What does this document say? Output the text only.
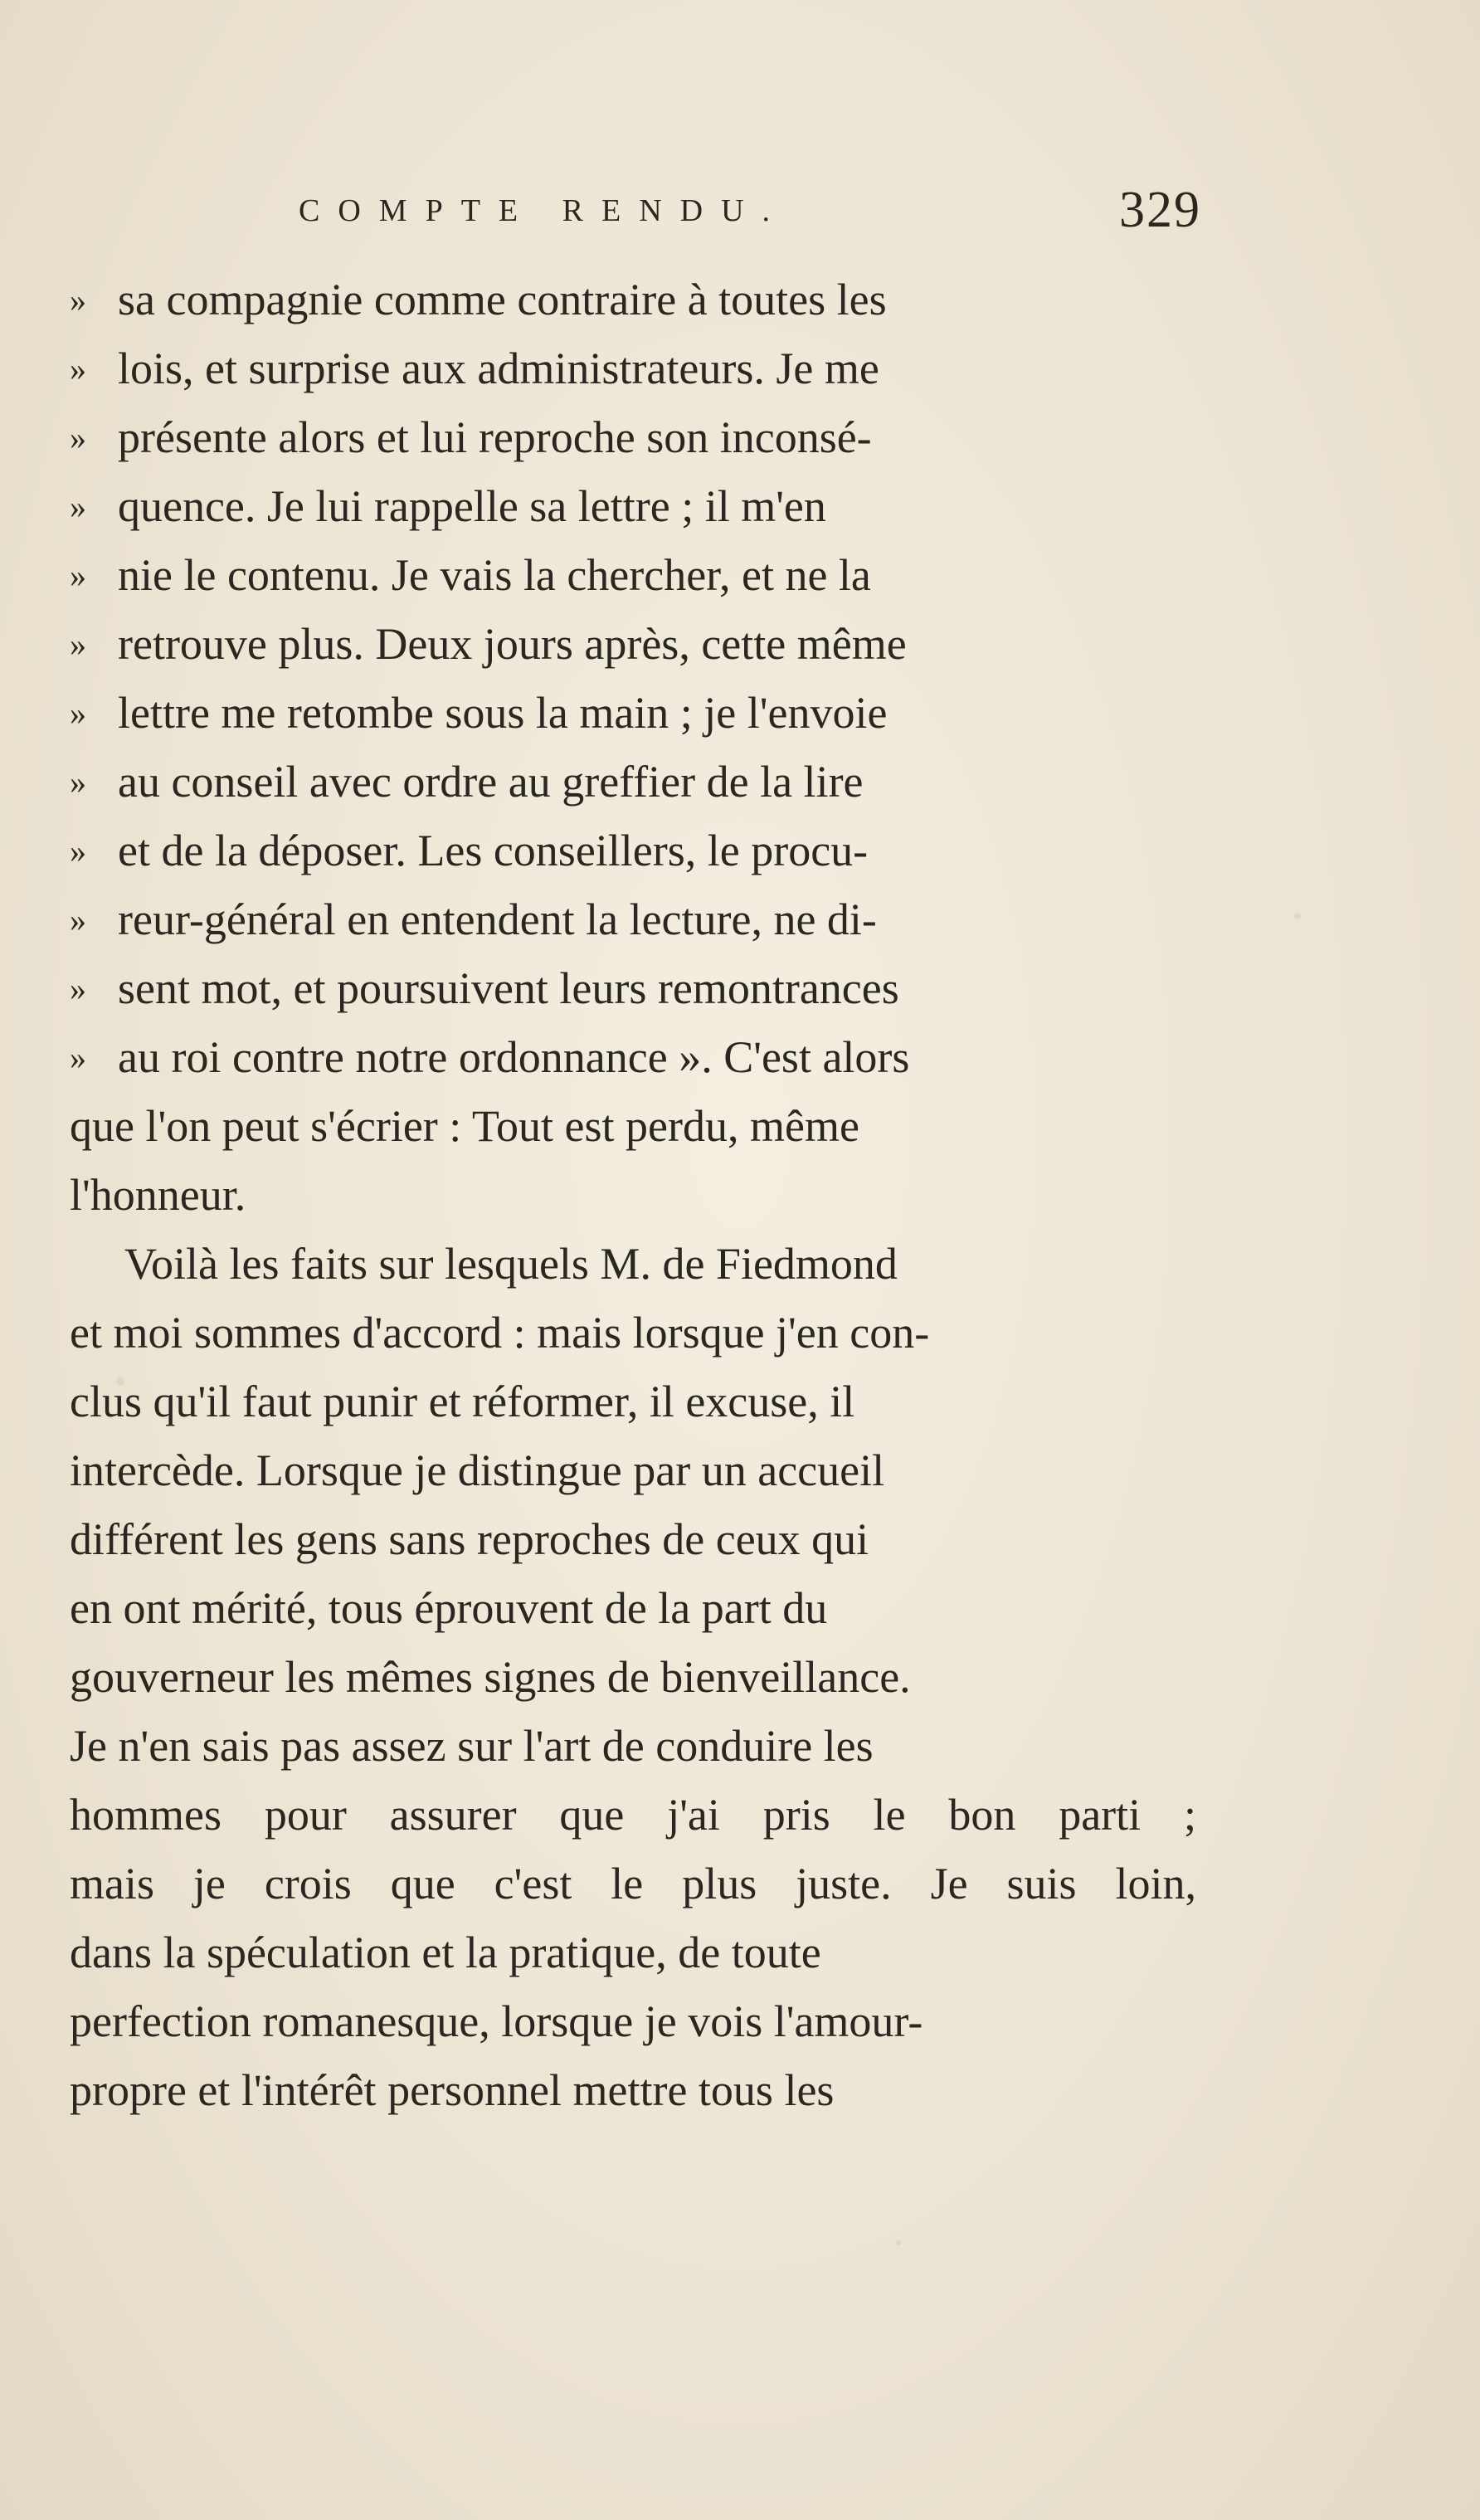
COMPTE RENDU.	329
» sa compagnie comme contraire à toutes les
» lois, et surprise aux administrateurs. Je me
» présente alors et lui reproche son inconsé-
» quence. Je lui rappelle sa lettre ; il m'en
» nie le contenu. Je vais la chercher, et ne la
» retrouve plus. Deux jours après, cette même
» lettre me retombe sous la main ; je l'envoie
» au conseil avec ordre au greffier de la lire
» et de la déposer. Les conseillers, le procu-
» reur-général en entendent la lecture, ne di-
» sent mot, et poursuivent leurs remontrances
» au roi contre notre ordonnance ». C'est alors
que l'on peut s'écrier : Tout est perdu, même
l'honneur.
Voilà les faits sur lesquels M. de Fiedmond
et moi sommes d'accord : mais lorsque j'en con-
clus qu'il faut punir et réformer, il excuse, il
intercède. Lorsque je distingue par un accueil
différent les gens sans reproches de ceux qui
en ont mérité, tous éprouvent de la part du
gouverneur les mêmes signes de bienveillance.
Je n'en sais pas assez sur l'art de conduire les
hommes pour assurer que j'ai pris le bon parti ;
mais je crois que c'est le plus juste. Je suis loin,
dans la spéculation et la pratique, de toute
perfection romanesque, lorsque je vois l'amour-
propre et l'intérêt personnel mettre tous les
